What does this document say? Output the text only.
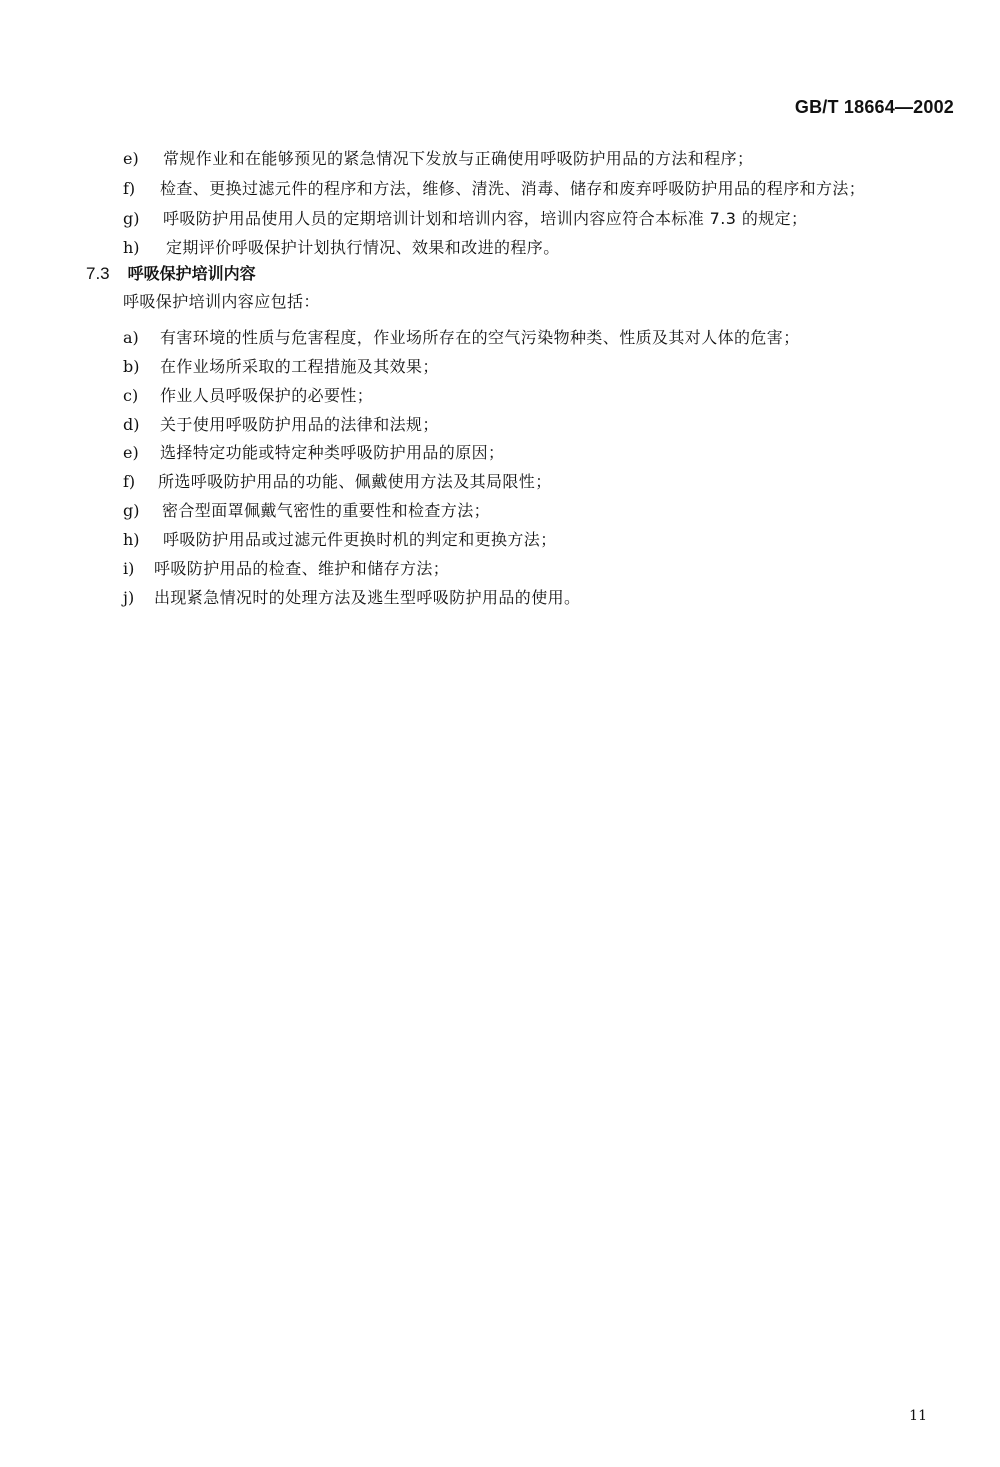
GB/T 18664—2002
e) 常规作业和在能够预见的紧急情况下发放与正确使用呼吸防护用品的方法和程序；
f) 检查、更换过滤元件的程序和方法，维修、清洗、消毒、储存和废弃呼吸防护用品的程序和方法；
g) 呼吸防护用品使用人员的定期培训计划和培训内容，培训内容应符合本标准 7.3 的规定；
h) 定期评价呼吸保护计划执行情况、效果和改进的程序。
7.3 呼吸保护培训内容
呼吸保护培训内容应包括：
a) 有害环境的性质与危害程度，作业场所存在的空气污染物种类、性质及其对人体的危害；
b) 在作业场所采取的工程措施及其效果；
c) 作业人员呼吸保护的必要性；
d) 关于使用呼吸防护用品的法律和法规；
e) 选择特定功能或特定种类呼吸防护用品的原因；
f) 所选呼吸防护用品的功能、佩戴使用方法及其局限性；
g) 密合型面罩佩戴气密性的重要性和检查方法；
h) 呼吸防护用品或过滤元件更换时机的判定和更换方法；
i) 呼吸防护用品的检查、维护和储存方法；
j) 出现紧急情况时的处理方法及逃生型呼吸防护用品的使用。
11
